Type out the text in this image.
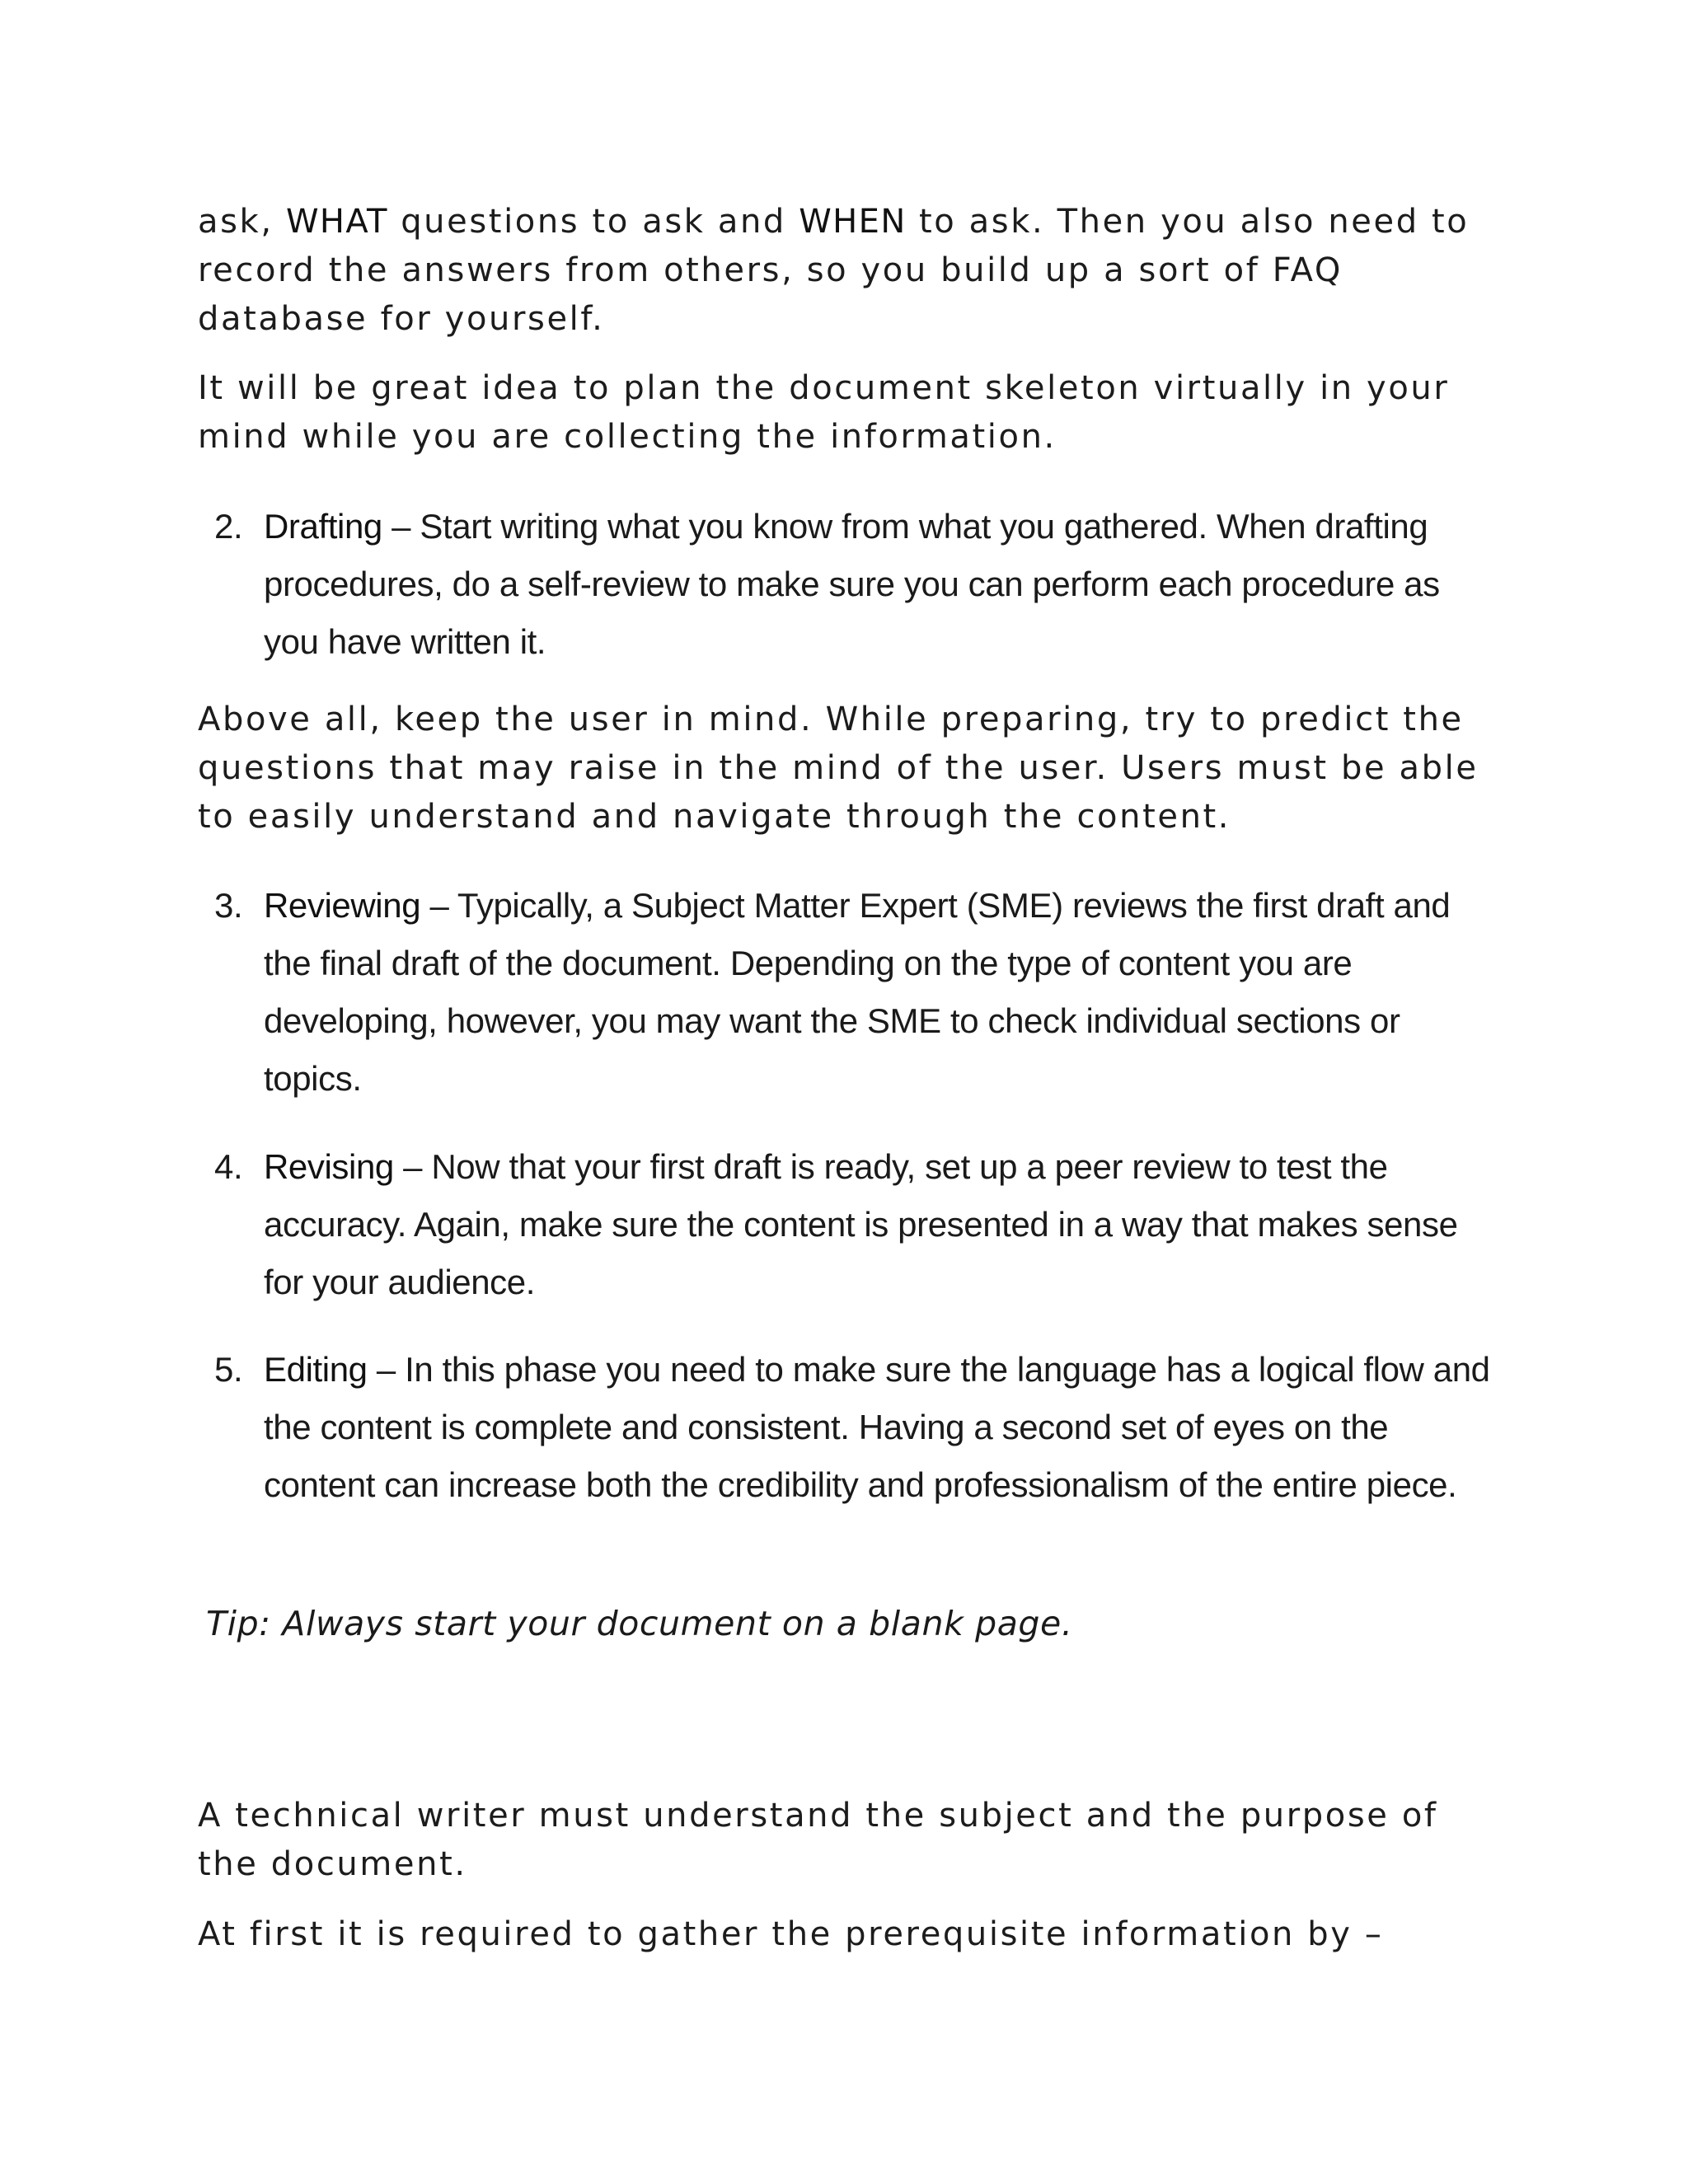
ask, WHAT questions to ask and WHEN to ask. Then you also need to record the answers from others, so you build up a sort of FAQ database for yourself.

It will be great idea to plan the document skeleton virtually in your mind while you are collecting the information.

2. Drafting – Start writing what you know from what you gathered. When drafting procedures, do a self-review to make sure you can perform each procedure as you have written it.

Above all, keep the user in mind. While preparing, try to predict the questions that may raise in the mind of the user. Users must be able to easily understand and navigate through the content.

3. Reviewing – Typically, a Subject Matter Expert (SME) reviews the first draft and the final draft of the document. Depending on the type of content you are developing, however, you may want the SME to check individual sections or topics.
4. Revising – Now that your first draft is ready, set up a peer review to test the accuracy. Again, make sure the content is presented in a way that makes sense for your audience.
5. Editing – In this phase you need to make sure the language has a logical flow and the content is complete and consistent. Having a second set of eyes on the content can increase both the credibility and professionalism of the entire piece.
Tip: Always start your document on a blank page.

A technical writer must understand the subject and the purpose of the document.

At first it is required to gather the prerequisite information by –
